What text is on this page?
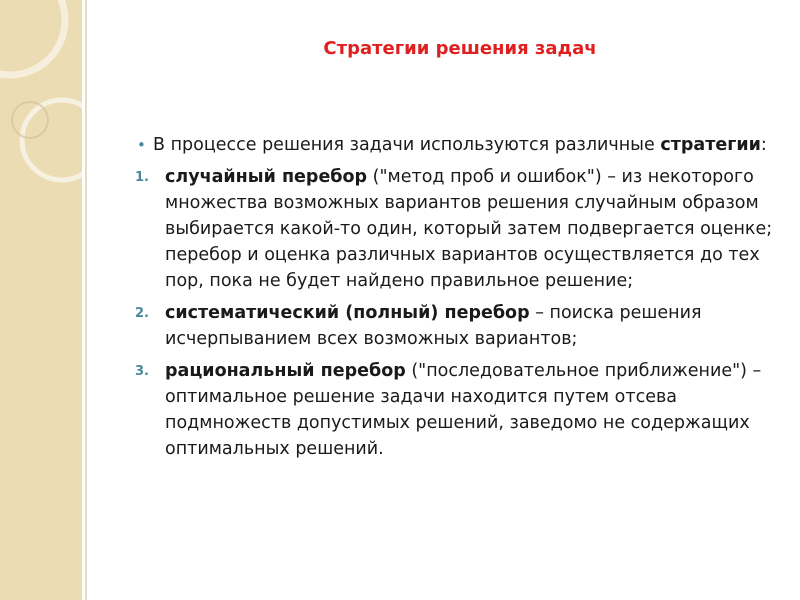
Стратегии решения задач
• В процессе решения задачи используются различные стратегии:
1. случайный перебор ("метод проб и ошибок") – из некоторого множества возможных вариантов решения случайным образом выбирается какой-то один, который затем подвергается оценке; перебор и оценка различных вариантов осуществляется до тех пор, пока не будет найдено правильное решение;
2. систематический (полный) перебор – поиска решения исчерпыванием всех возможных вариантов;
3. рациональный перебор ("последовательное приближение") – оптимальное решение задачи находится путем отсева подмножеств допустимых решений, заведомо не содержащих оптимальных решений.
